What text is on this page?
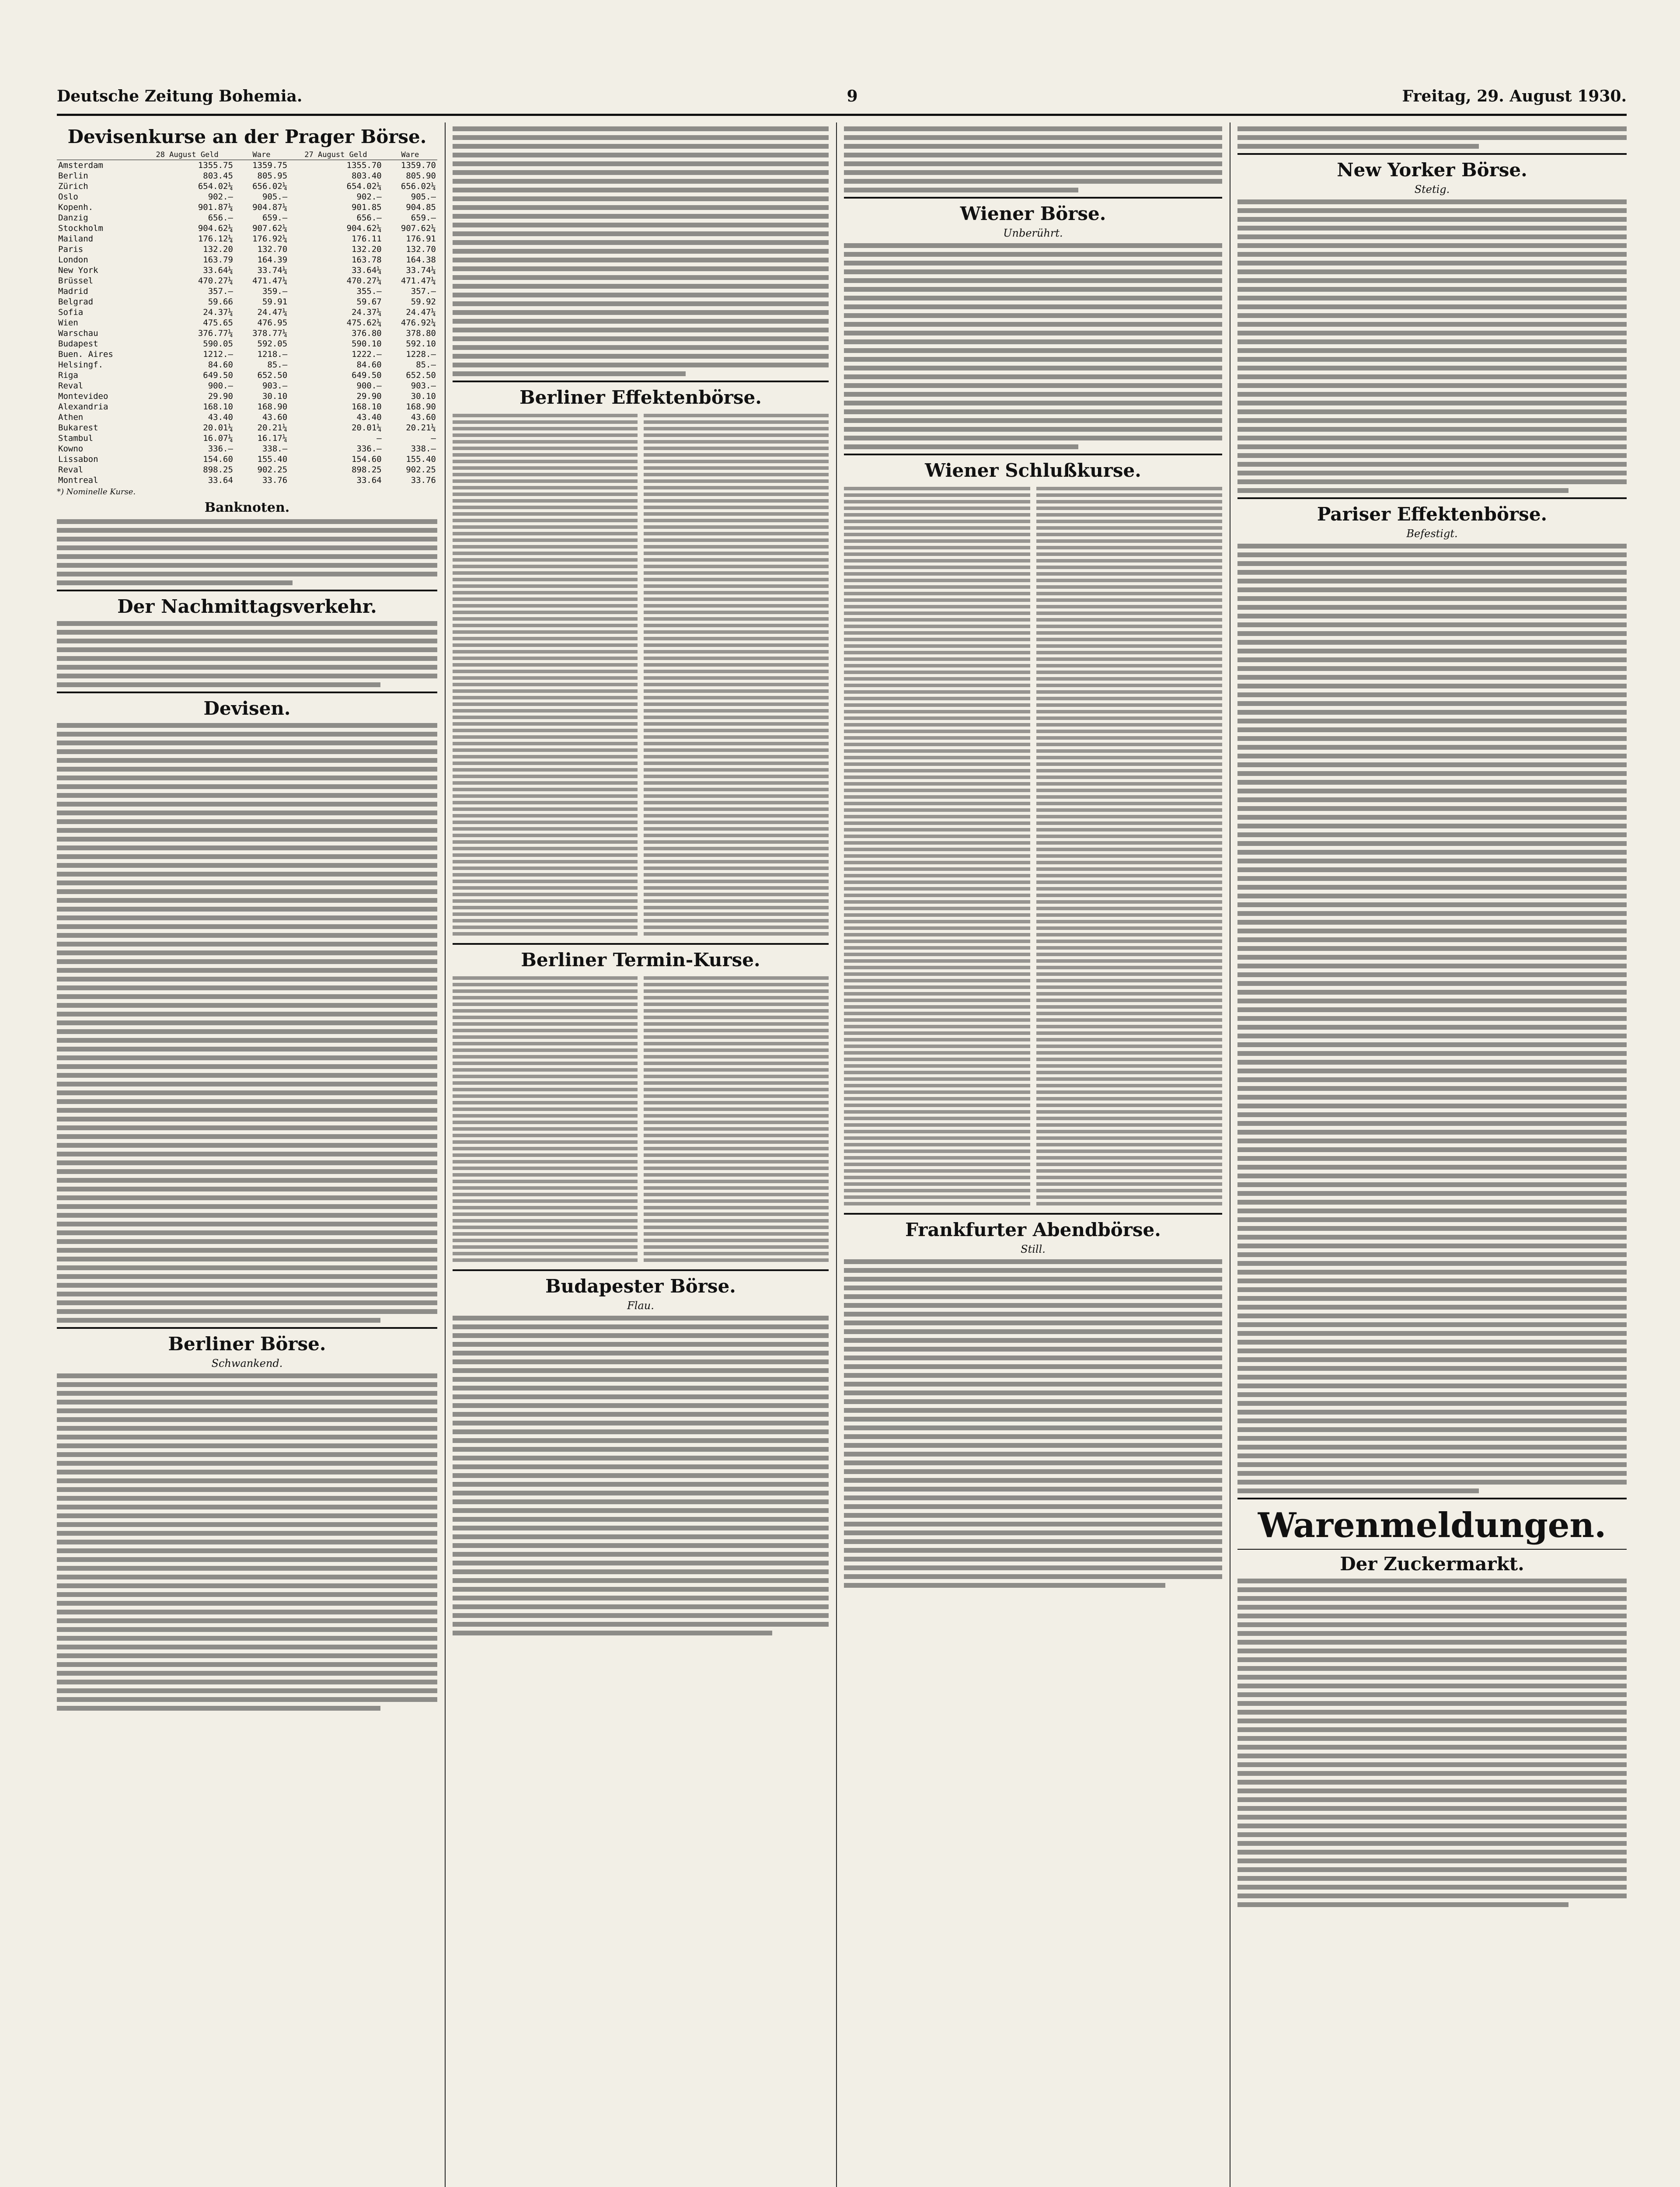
Deutsche Zeitung Bohemia.	9	Freitag, 29. August 1930.
Devisenkurse an der Prager Börse.
	28 August Geld	Ware	27 August Geld	Ware
Amsterdam	1355.75	1359.75	1355.70	1359.70
Berlin	803.45	805.95	803.40	805.90
Zürich	654.02¼	656.02¼	654.02¼	656.02¼
Oslo	902.—	905.—	902.—	905.—
Kopenh.	901.87¼	904.87¼	901.85	904.85
Danzig	656.—	659.—	656.—	659.—
Stockholm	904.62¼	907.62¼	904.62¼	907.62¼
Mailand	176.12¼	176.92¼	176.11	176.91
Paris	132.20	132.70	132.20	132.70
London	163.79	164.39	163.78	164.38
New York	33.64¼	33.74¼	33.64¼	33.74¼
Brüssel	470.27¼	471.47¼	470.27¼	471.47¼
Madrid	357.—	359.—	355.—	357.—
Belgrad	59.66	59.91	59.67	59.92
Sofia	24.37¼	24.47¼	24.37¼	24.47¼
Wien	475.65	476.95	475.62¼	476.92¼
Warschau	376.77¼	378.77¼	376.80	378.80
Budapest	590.05	592.05	590.10	592.10
Buen. Aires	1212.—	1218.—	1222.—	1228.—
Helsingf.	84.60	85.—	84.60	85.—
Riga	649.50	652.50	649.50	652.50
Reval	900.—	903.—	900.—	903.—
Montevideo	29.90	30.10	29.90	30.10
Alexandria	168.10	168.90	168.10	168.90
Athen	43.40	43.60	43.40	43.60
Bukarest	20.01¼	20.21¼	20.01¼	20.21¼
Stambul	16.07¼	16.17¼	—	—
Kowno	336.—	338.—	336.—	338.—
Lissabon	154.60	155.40	154.60	155.40
Reval	898.25	902.25	898.25	902.25
Montreal	33.64	33.76	33.64	33.76
*) Nominelle Kurse.
Banknoten.
Der Nachmittagsverkehr.
Devisen.
Berliner Börse.
Schwankend.
Berliner Effektenbörse.
Berliner Termin-Kurse.
Budapester Börse.
Flau.
Wiener Börse.
Unberührt.
Wiener Schlußkurse.
Frankfurter Abendbörse.
Still.
New Yorker Börse.
Stetig.
Pariser Effektenbörse.
Befestigt.
Warenmeldungen.
Der Zuckermarkt.
